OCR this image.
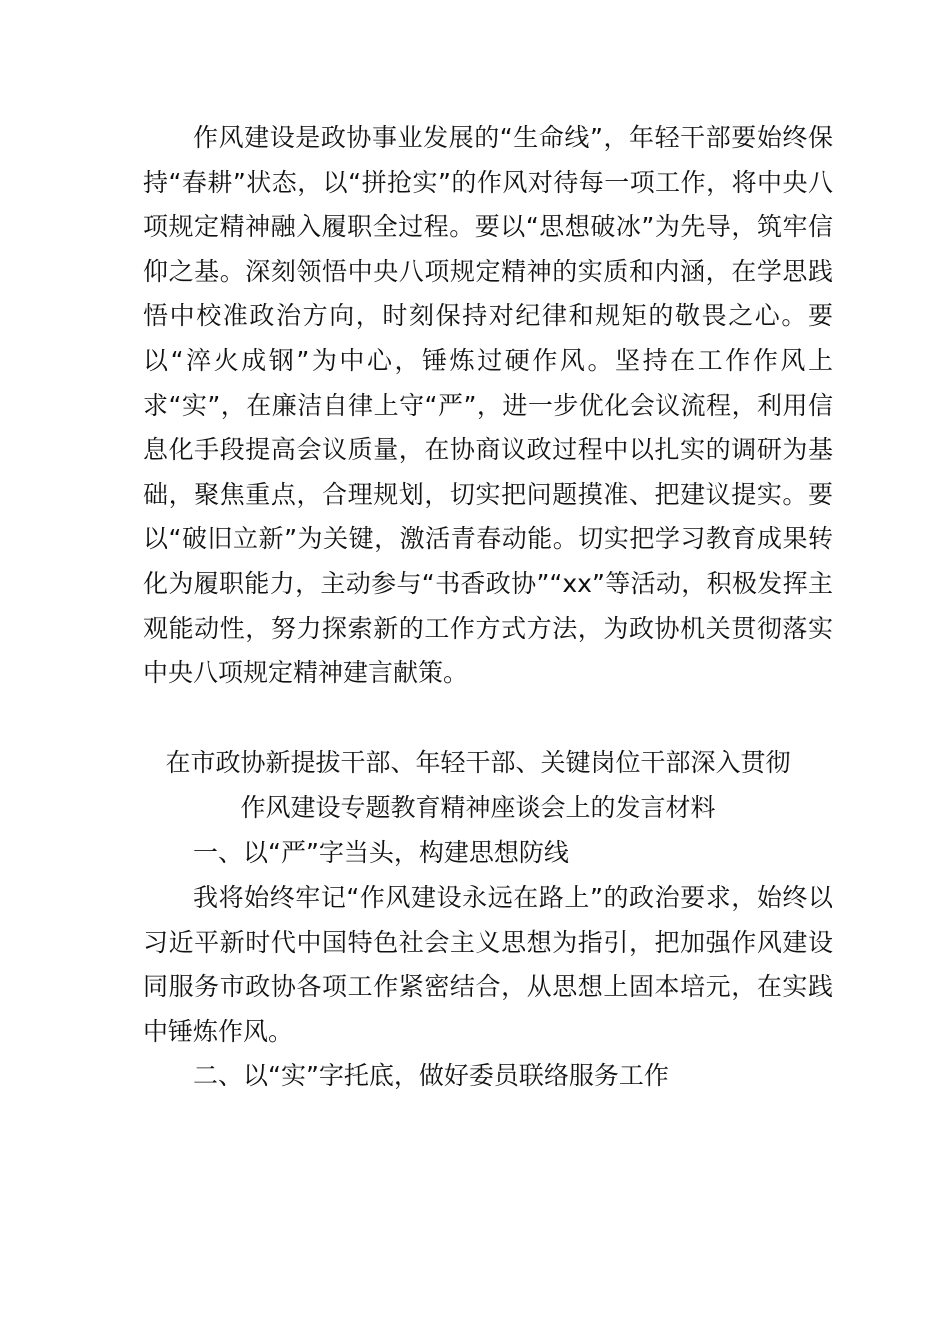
作风建设是政协事业发展的“生命线”，年轻干部要始终保持“春耕”状态，以“拼抢实”的作风对待每一项工作，将中央八项规定精神融入履职全过程。要以“思想破冰”为先导，筑牢信仰之基。深刻领悟中央八项规定精神的实质和内涵，在学思践悟中校准政治方向，时刻保持对纪律和规矩的敬畏之心。要以“淬火成钢”为中心，锤炼过硬作风。坚持在工作作风上求“实”，在廉洁自律上守“严”，进一步优化会议流程，利用信息化手段提高会议质量，在协商议政过程中以扎实的调研为基础，聚焦重点，合理规划，切实把问题摸准、把建议提实。要以“破旧立新”为关键，激活青春动能。切实把学习教育成果转化为履职能力，主动参与“书香政协”“xx”等活动，积极发挥主观能动性，努力探索新的工作方式方法，为政协机关贯彻落实中央八项规定精神建言献策。
在市政协新提拔干部、年轻干部、关键岗位干部深入贯彻
作风建设专题教育精神座谈会上的发言材料
一、以“严”字当头，构建思想防线
我将始终牢记“作风建设永远在路上”的政治要求，始终以习近平新时代中国特色社会主义思想为指引，把加强作风建设同服务市政协各项工作紧密结合，从思想上固本培元，在实践中锤炼作风。
二、以“实”字托底，做好委员联络服务工作
